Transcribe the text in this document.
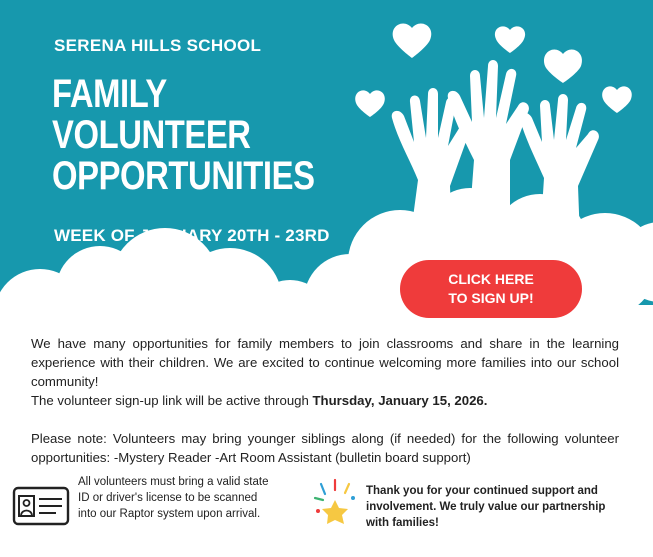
SERENA HILLS SCHOOL
FAMILY
VOLUNTEER
OPPORTUNITIES
WEEK OF JANUARY 20TH - 23RD
CLICK HERE
TO SIGN UP!

We have many opportunities for family members to join classrooms and share in the learning experience with their children. We are excited to continue welcoming more families into our school community!

The volunteer sign-up link will be active through Thursday, January 15, 2026.

Please note: Volunteers may bring younger siblings along (if needed) for the following volunteer opportunities: -Mystery Reader -Art Room Assistant (bulletin board support)

All volunteers must bring a valid state ID or driver's license to be scanned into our Raptor system upon arrival.
Thank you for your continued support and involvement. We truly value our partnership with families!
